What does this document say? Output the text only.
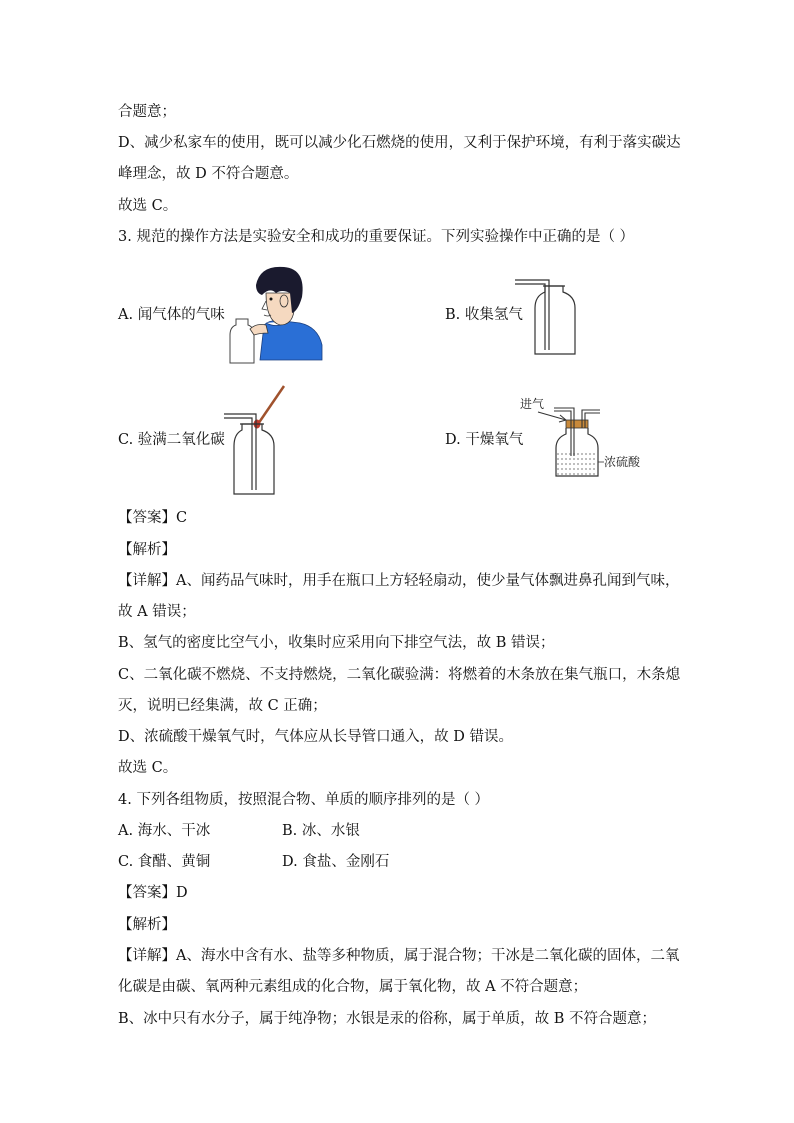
合题意；
D、减少私家车的使用，既可以减少化石燃烧的使用，又利于保护环境，有利于落实碳达
峰理念，故 D 不符合题意。
故选 C。
3. 规范的操作方法是实验安全和成功的重要保证。下列实验操作中正确的是（ ）
A. 闻气体的气味	B. 收集氢气
C. 验满二氧化碳	D. 干燥氧气
进气
浓硫酸
【答案】C
【解析】
【详解】A、闻药品气味时，用手在瓶口上方轻轻扇动，使少量气体飘进鼻孔闻到气味，
故 A 错误；
B、氢气的密度比空气小，收集时应采用向下排空气法，故 B 错误；
C、二氧化碳不燃烧、不支持燃烧，二氧化碳验满：将燃着的木条放在集气瓶口，木条熄
灭，说明已经集满，故 C 正确；
D、浓硫酸干燥氧气时，气体应从长导管口通入，故 D 错误。
故选 C。
4. 下列各组物质，按照混合物、单质的顺序排列的是（ ）
A. 海水、干冰	B. 冰、水银
C. 食醋、黄铜	D. 食盐、金刚石
【答案】D
【解析】
【详解】A、海水中含有水、盐等多种物质，属于混合物；干冰是二氧化碳的固体，二氧
化碳是由碳、氧两种元素组成的化合物，属于氧化物，故 A 不符合题意；
B、冰中只有水分子，属于纯净物；水银是汞的俗称，属于单质，故 B 不符合题意；
